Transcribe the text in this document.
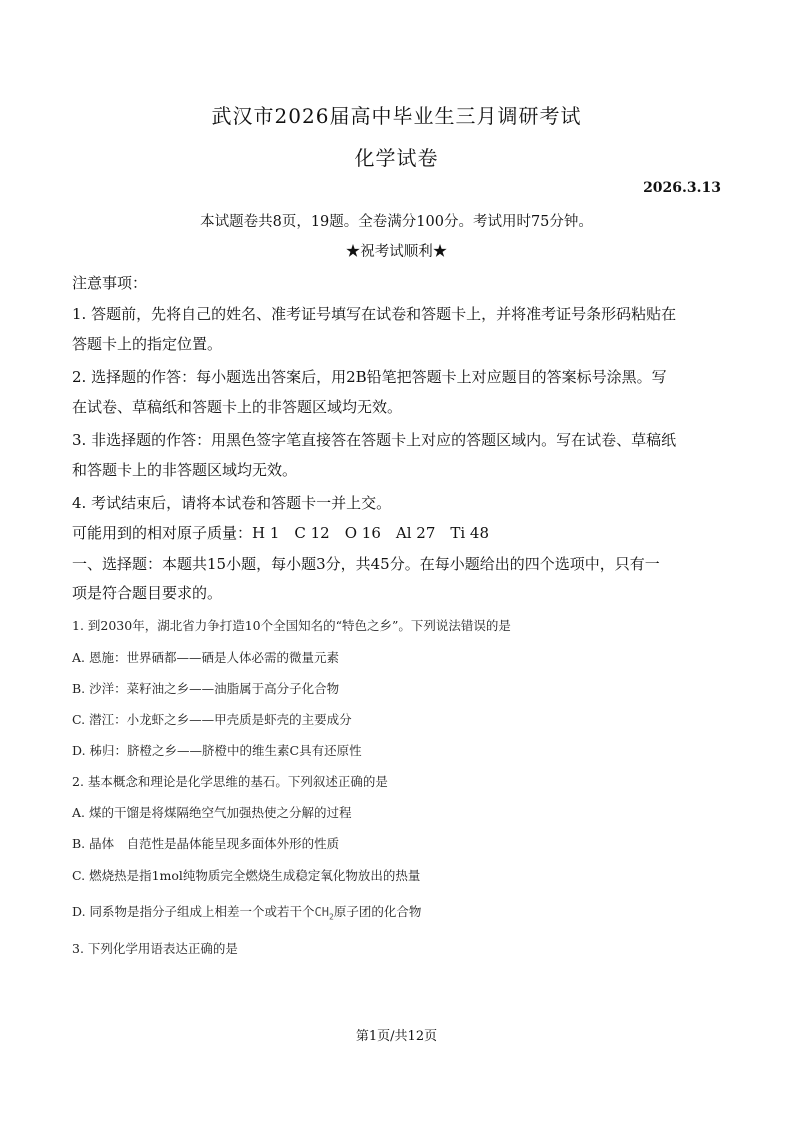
武汉市2026届高中毕业生三月调研考试
化学试卷
2026.3.13
本试题卷共8页，19题。全卷满分100分。考试用时75分钟。
★祝考试顺利★
注意事项：
1. 答题前，先将自己的姓名、准考证号填写在试卷和答题卡上，并将准考证号条形码粘贴在
答题卡上的指定位置。
2. 选择题的作答：每小题选出答案后，用2B铅笔把答题卡上对应题目的答案标号涂黑。写
在试卷、草稿纸和答题卡上的非答题区域均无效。
3. 非选择题的作答：用黑色签字笔直接答在答题卡上对应的答题区域内。写在试卷、草稿纸
和答题卡上的非答题区域均无效。
4. 考试结束后，请将本试卷和答题卡一并上交。
可能用到的相对原子质量：H 1　C 12　O 16　Al 27　Ti 48
一、选择题：本题共15小题，每小题3分，共45分。在每小题给出的四个选项中，只有一
项是符合题目要求的。
1. 到2030年，湖北省力争打造10个全国知名的“特色之乡”。下列说法错误的是
A. 恩施：世界硒都——硒是人体必需的微量元素
B. 沙洋：菜籽油之乡——油脂属于高分子化合物
C. 潜江：小龙虾之乡——甲壳质是虾壳的主要成分
D. 秭归：脐橙之乡——脐橙中的维生素C具有还原性
2. 基本概念和理论是化学思维的基石。下列叙述正确的是
A. 煤的干馏是将煤隔绝空气加强热使之分解的过程
B. 晶体　自范性是晶体能呈现多面体外形的性质
C. 燃烧热是指1mol纯物质完全燃烧生成稳定氧化物放出的热量
D. 同系物是指分子组成上相差一个或若干个$CH_2$原子团的化合物
3. 下列化学用语表达正确的是
第1页/共12页
